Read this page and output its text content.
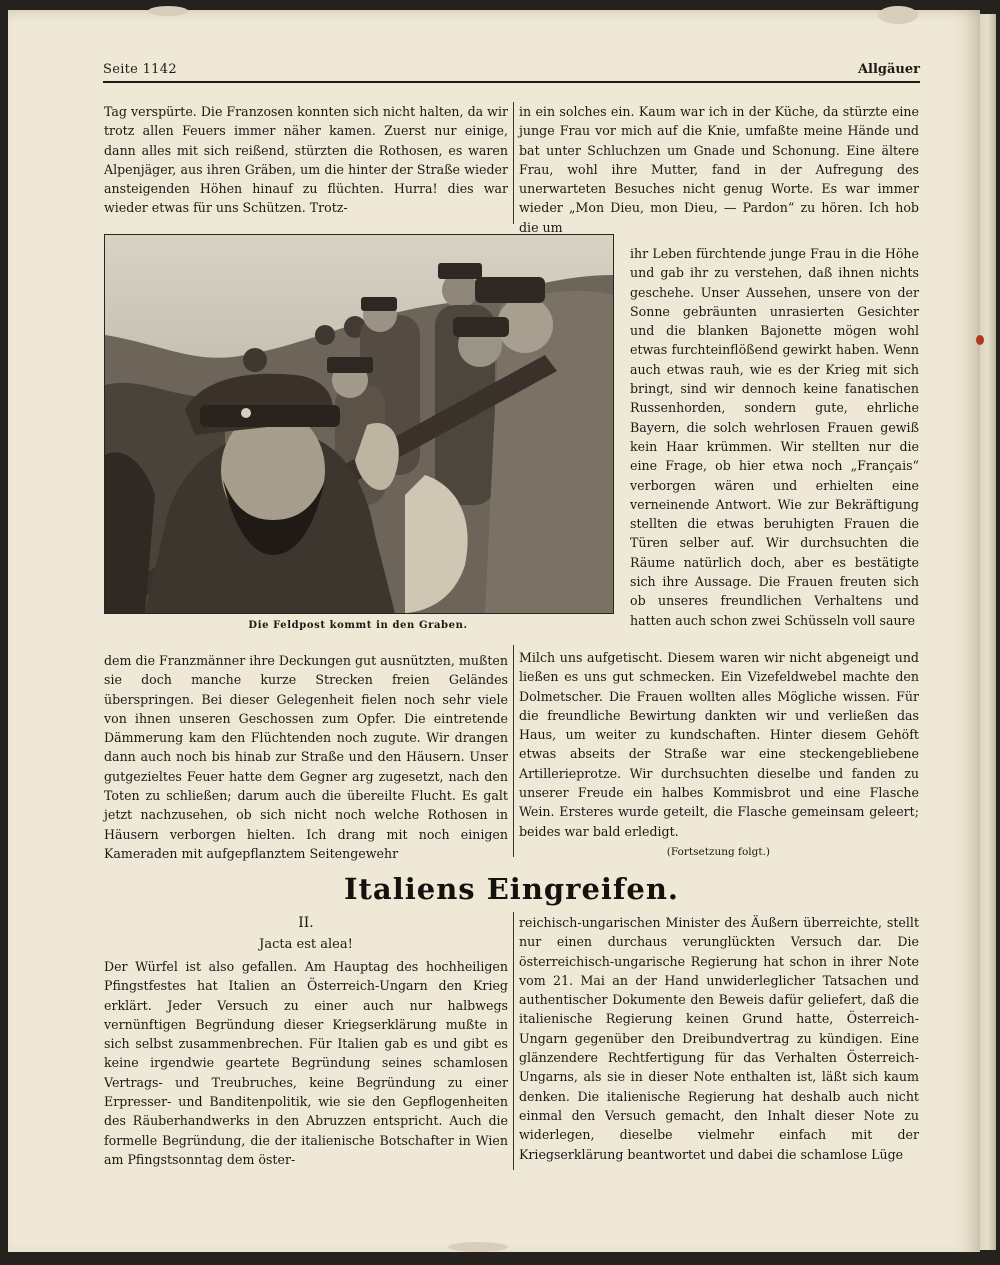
Seite 1142	Allgäuer

Tag verspürte. Die Franzosen konnten sich nicht halten, da wir trotz allen Feuers immer näher kamen. Zuerst nur einige, dann alles mit sich reißend, stürzten die Rothosen, es waren Alpenjäger, aus ihren Gräben, um die hinter der Straße wieder ansteigenden Höhen hinauf zu flüchten. Hurra! dies war wieder etwas für uns Schützen. Trotz-

Die Feldpost kommt in den Graben.

dem die Franzmänner ihre Deckungen gut ausnützten, mußten sie doch manche kurze Strecken freien Geländes überspringen. Bei dieser Gelegenheit fielen noch sehr viele von ihnen unseren Geschossen zum Opfer. Die eintretende Dämmerung kam den Flüchtenden noch zugute. Wir drangen dann auch noch bis hinab zur Straße und den Häusern. Unser gutgezieltes Feuer hatte dem Gegner arg zugesetzt, nach den Toten zu schließen; darum auch die übereilte Flucht. Es galt jetzt nachzusehen, ob sich nicht noch welche Rothosen in Häusern verborgen hielten. Ich drang mit noch einigen Kameraden mit aufgepflanztem Seitengewehr

in ein solches ein. Kaum war ich in der Küche, da stürzte eine junge Frau vor mich auf die Knie, umfaßte meine Hände und bat unter Schluchzen um Gnade und Schonung. Eine ältere Frau, wohl ihre Mutter, fand in der Aufregung des unerwarteten Besuches nicht genug Worte. Es war immer wieder „Mon Dieu, mon Dieu, — Pardon“ zu hören. Ich hob die um

ihr Leben fürchtende junge Frau in die Höhe und gab ihr zu verstehen, daß ihnen nichts geschehe. Unser Aussehen, unsere von der Sonne gebräunten unrasierten Gesichter und die blanken Bajonette mögen wohl etwas furchteinflößend gewirkt haben. Wenn auch etwas rauh, wie es der Krieg mit sich bringt, sind wir dennoch keine fanatischen Russenhorden, sondern gute, ehrliche Bayern, die solch wehrlosen Frauen gewiß kein Haar krümmen. Wir stellten nur die eine Frage, ob hier etwa noch „Français“ verborgen wären und erhielten eine verneinende Antwort. Wie zur Bekräftigung stellten die etwas beruhigten Frauen die Türen selber auf. Wir durchsuchten die Räume natürlich doch, aber es bestätigte sich ihre Aussage. Die Frauen freuten sich ob unseres freundlichen Verhaltens und hatten auch schon zwei Schüsseln voll saure

Milch uns aufgetischt. Diesem waren wir nicht abgeneigt und ließen es uns gut schmecken. Ein Vizefeldwebel machte den Dolmetscher. Die Frauen wollten alles Mögliche wissen. Für die freundliche Bewirtung dankten wir und verließen das Haus, um weiter zu kundschaften. Hinter diesem Gehöft etwas abseits der Straße war eine steckengebliebene Artillerieprotze. Wir durchsuchten dieselbe und fanden zu unserer Freude ein halbes Kommisbrot und eine Flasche Wein. Ersteres wurde geteilt, die Flasche gemeinsam geleert; beides war bald erledigt.

(Fortsetzung folgt.)
Italiens Eingreifen.
II.
Jacta est alea!

Der Würfel ist also gefallen. Am Hauptag des hochheiligen Pfingstfestes hat Italien an Österreich-Ungarn den Krieg erklärt. Jeder Versuch zu einer auch nur halbwegs vernünftigen Begründung dieser Kriegserklärung mußte in sich selbst zusammenbrechen. Für Italien gab es und gibt es keine irgendwie geartete Begründung seines schamlosen Vertrags- und Treubruches, keine Begründung zu einer Erpresser- und Banditenpolitik, wie sie den Gepflogenheiten des Räuberhandwerks in den Abruzzen entspricht. Auch die formelle Begründung, die der italienische Botschafter in Wien am Pfingstsonntag dem öster-

reichisch-ungarischen Minister des Äußern überreichte, stellt nur einen durchaus verunglückten Versuch dar. Die österreichisch-ungarische Regierung hat schon in ihrer Note vom 21. Mai an der Hand unwiderleglicher Tatsachen und authentischer Dokumente den Beweis dafür geliefert, daß die italienische Regierung keinen Grund hatte, Österreich-Ungarn gegenüber den Dreibundvertrag zu kündigen. Eine glänzendere Rechtfertigung für das Verhalten Österreich-Ungarns, als sie in dieser Note enthalten ist, läßt sich kaum denken. Die italienische Regierung hat deshalb auch nicht einmal den Versuch gemacht, den Inhalt dieser Note zu widerlegen, dieselbe vielmehr einfach mit der Kriegserklärung beantwortet und dabei die schamlose Lüge
